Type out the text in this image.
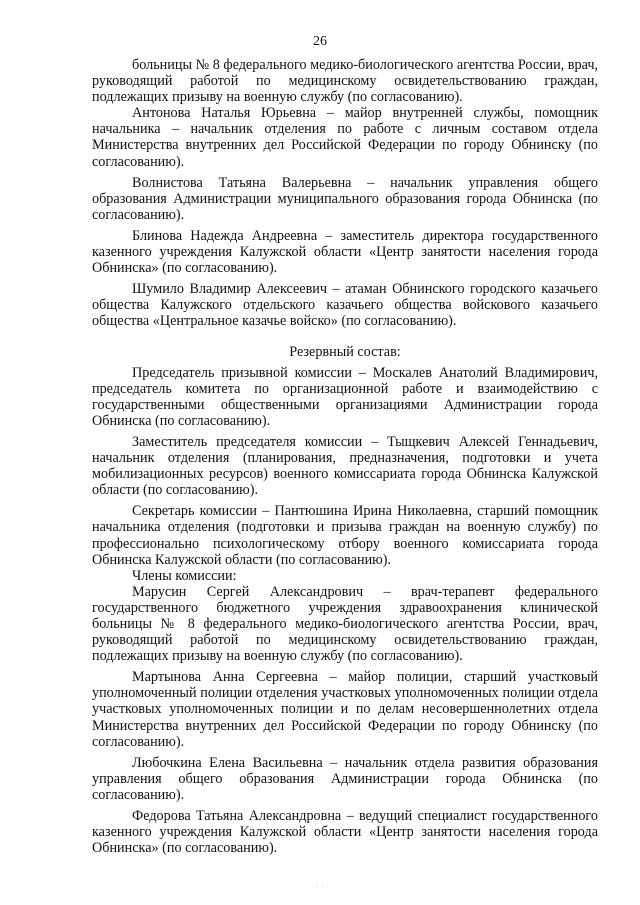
26

больницы № 8 федерального медико-биологического агентства России, врач, руководящий работой по медицинскому освидетельствованию граждан, подлежащих призыву на военную службу (по согласованию).

Антонова Наталья Юрьевна – майор внутренней службы, помощник начальника – начальник отделения по работе с личным составом отдела Министерства внутренних дел Российской Федерации по городу Обнинску (по согласованию).

Волнистова Татьяна Валерьевна – начальник управления общего образования Администрации муниципального образования города Обнинска (по согласованию).

Блинова Надежда Андреевна – заместитель директора государственного казенного учреждения Калужской области «Центр занятости населения города Обнинска» (по согласованию).

Шумило Владимир Алексеевич – атаман Обнинского городского казачьего общества Калужского отдельского казачьего общества войскового казачьего общества «Центральное казачье войско» (по согласованию).

Резервный состав:

Председатель призывной комиссии – Москалев Анатолий Владимирович, председатель комитета по организационной работе и взаимодействию с государственными общественными организациями Администрации города Обнинска (по согласованию).

Заместитель председателя комиссии – Тыщкевич Алексей Геннадьевич, начальник отделения (планирования, предназначения, подготовки и учета мобилизационных ресурсов) военного комиссариата города Обнинска Калужской области (по согласованию).

Секретарь комиссии – Пантюшина Ирина Николаевна, старший помощник начальника отделения (подготовки и призыва граждан на военную службу) по профессионально психологическому отбору военного комиссариата города Обнинска Калужской области (по согласованию).

Члены комиссии:

Марусин Сергей Александрович – врач-терапевт федерального государственного бюджетного учреждения здравоохранения клинической больницы № 8 федерального медико-биологического агентства России, врач, руководящий работой по медицинскому освидетельствованию граждан, подлежащих призыву на военную службу (по согласованию).

Мартынова Анна Сергеевна – майор полиции, старший участковый уполномоченный полиции отделения участковых уполномоченных полиции отдела участковых уполномоченных полиции и по делам несовершеннолетних отдела Министерства внутренних дел Российской Федерации по городу Обнинску (по согласованию).

Любочкина Елена Васильевна – начальник отдела развития образования управления общего образования Администрации города Обнинска (по согласованию).

Федорова Татьяна Александровна – ведущий специалист государственного казенного учреждения Калужской области «Центр занятости населения города Обнинска» (по согласованию).

· ·
